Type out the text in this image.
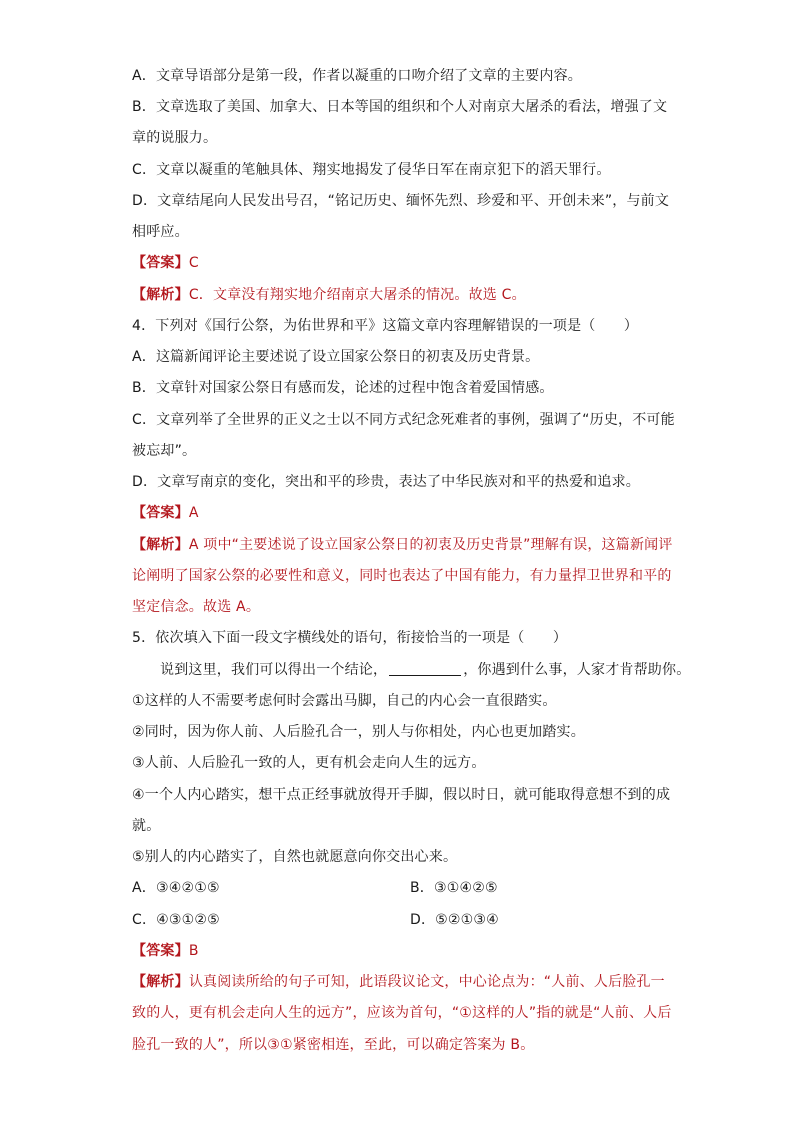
A．文章导语部分是第一段，作者以凝重的口吻介绍了文章的主要内容。
B．文章选取了美国、加拿大、日本等国的组织和个人对南京大屠杀的看法，增强了文
章的说服力。
C．文章以凝重的笔触具体、翔实地揭发了侵华日军在南京犯下的滔天罪行。
D．文章结尾向人民发出号召，“铭记历史、缅怀先烈、珍爱和平、开创未来”，与前文
相呼应。
【答案】C
【解析】C．文章没有翔实地介绍南京大屠杀的情况。故选 C。
4．下列对《国行公祭，为佑世界和平》这篇文章内容理解错误的一项是（　　）
A．这篇新闻评论主要述说了设立国家公祭日的初衷及历史背景。
B．文章针对国家公祭日有感而发，论述的过程中饱含着爱国情感。
C．文章列举了全世界的正义之士以不同方式纪念死难者的事例，强调了“历史，不可能
被忘却”。
D．文章写南京的变化，突出和平的珍贵，表达了中华民族对和平的热爱和追求。
【答案】A
【解析】A 项中“主要述说了设立国家公祭日的初衷及历史背景”理解有误，这篇新闻评
论阐明了国家公祭的必要性和意义，同时也表达了中国有能力，有力量捍卫世界和平的
坚定信念。故选 A。
5．依次填入下面一段文字横线处的语句，衔接恰当的一项是（　　）
说到这里，我们可以得出一个结论，	，你遇到什么事，人家才肯帮助你。
①这样的人不需要考虑何时会露出马脚，自己的内心会一直很踏实。
②同时，因为你人前、人后脸孔合一，别人与你相处，内心也更加踏实。
③人前、人后脸孔一致的人，更有机会走向人生的远方。
④一个人内心踏实，想干点正经事就放得开手脚，假以时日，就可能取得意想不到的成
就。
⑤别人的内心踏实了，自然也就愿意向你交出心来。
A．③④②①⑤	B．③①④②⑤
C．④③①②⑤	D．⑤②①③④
【答案】B
【解析】认真阅读所给的句子可知，此语段议论文，中心论点为：“人前、人后脸孔一
致的人，更有机会走向人生的远方”，应该为首句，“①这样的人”指的就是“人前、人后
脸孔一致的人”，所以③①紧密相连，至此，可以确定答案为 B。
